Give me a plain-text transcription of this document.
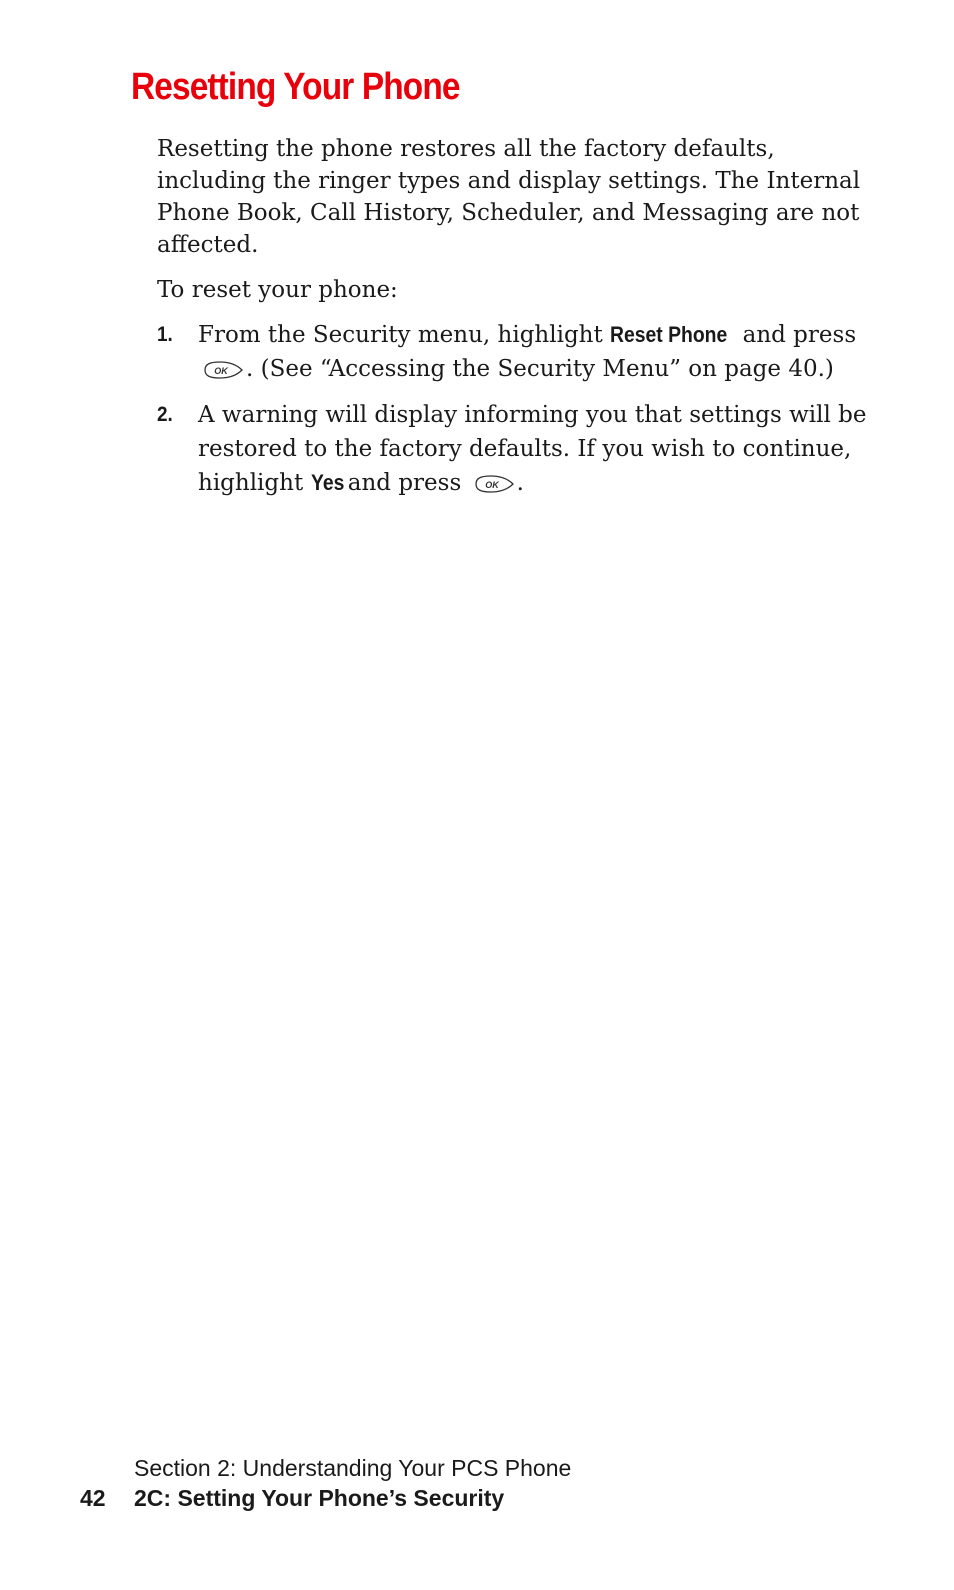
Resetting Your Phone

Resetting the phone restores all the factory defaults, including the ringer types and display settings. The Internal Phone Book, Call History, Scheduler, and Messaging are not affected.

To reset your phone:

1. From the Security menu, highlight Reset Phone and press
OK . (See “Accessing the Security Menu” on page 40.)
2. A warning will display informing you that settings will be restored to the factory defaults. If you wish to continue, highlight Yes and press OK .
Section 2: Understanding Your PCS Phone
42 2C: Setting Your Phone’s Security
